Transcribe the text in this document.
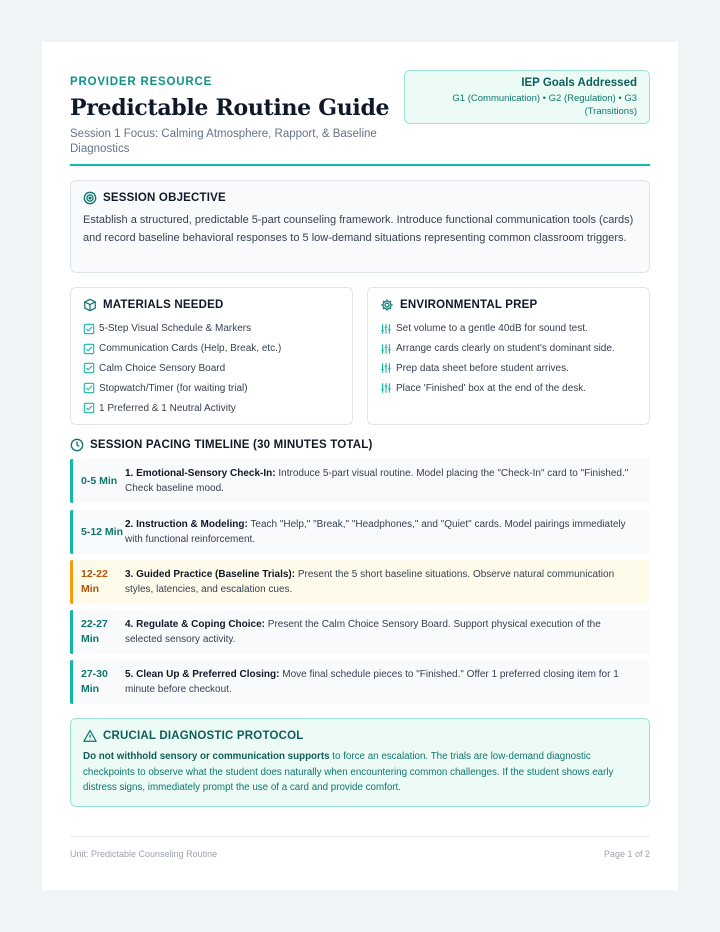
PROVIDER RESOURCE
Predictable Routine Guide
Session 1 Focus: Calming Atmosphere, Rapport, & Baseline Diagnostics
IEP Goals Addressed
G1 (Communication) • G2 (Regulation) • G3 (Transitions)
SESSION OBJECTIVE

Establish a structured, predictable 5-part counseling framework. Introduce functional communication tools (cards) and record baseline behavioral responses to 5 low-demand situations representing common classroom triggers.

MATERIALS NEEDED
5-Step Visual Schedule & Markers
Communication Cards (Help, Break, etc.)
Calm Choice Sensory Board
Stopwatch/Timer (for waiting trial)
1 Preferred & 1 Neutral Activity
ENVIRONMENTAL PREP
Set volume to a gentle 40dB for sound test.
Arrange cards clearly on student's dominant side.
Prep data sheet before student arrives.
Place 'Finished' box at the end of the desk.
SESSION PACING TIMELINE (30 MINUTES TOTAL)
0-5 Min
1. Emotional-Sensory Check-In: Introduce 5-part visual routine. Model placing the "Check-In" card to "Finished." Check baseline mood.
5-12 Min
2. Instruction & Modeling: Teach "Help," "Break," "Headphones," and "Quiet" cards. Model pairings immediately with functional reinforcement.
12-22 Min
3. Guided Practice (Baseline Trials): Present the 5 short baseline situations. Observe natural communication styles, latencies, and escalation cues.
22-27 Min
4. Regulate & Coping Choice: Present the Calm Choice Sensory Board. Support physical execution of the selected sensory activity.
27-30 Min
5. Clean Up & Preferred Closing: Move final schedule pieces to "Finished." Offer 1 preferred closing item for 1 minute before checkout.
CRUCIAL DIAGNOSTIC PROTOCOL

Do not withhold sensory or communication supports to force an escalation. The trials are low-demand diagnostic checkpoints to observe what the student does naturally when encountering common challenges. If the student shows early distress signs, immediately prompt the use of a card and provide comfort.

Unit: Predictable Counseling Routine	Page 1 of 2
